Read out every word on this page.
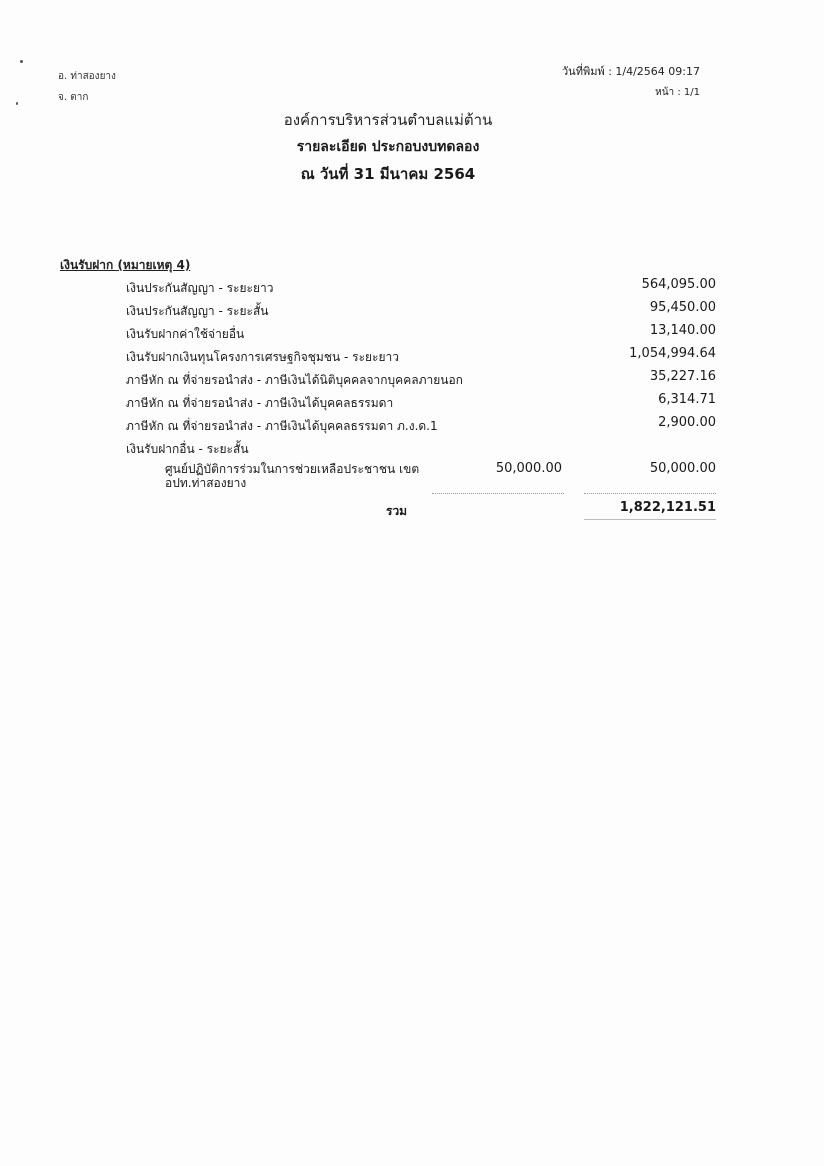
อ. ท่าสองยาง
จ. ตาก
วันที่พิมพ์ : 1/4/2564 09:17
หน้า : 1/1
องค์การบริหารส่วนตำบลแม่ต้าน
รายละเอียด ประกอบงบทดลอง
ณ วันที่ 31 มีนาคม 2564
เงินรับฝาก (หมายเหตุ 4)
เงินประกันสัญญา - ระยะยาว	564,095.00
เงินประกันสัญญา - ระยะสั้น	95,450.00
เงินรับฝากค่าใช้จ่ายอื่น	13,140.00
เงินรับฝากเงินทุนโครงการเศรษฐกิจชุมชน - ระยะยาว	1,054,994.64
ภาษีหัก ณ ที่จ่ายรอนำส่ง - ภาษีเงินได้นิติบุคคลจากบุคคลภายนอก	35,227.16
ภาษีหัก ณ ที่จ่ายรอนำส่ง - ภาษีเงินได้บุคคลธรรมดา	6,314.71
ภาษีหัก ณ ที่จ่ายรอนำส่ง - ภาษีเงินได้บุคคลธรรมดา ภ.ง.ด.1	2,900.00
เงินรับฝากอื่น - ระยะสั้น
ศูนย์ปฏิบัติการร่วมในการช่วยเหลือประชาชน เขต อปท.ท่าสองยาง
50,000.00	50,000.00
รวม	1,822,121.51
